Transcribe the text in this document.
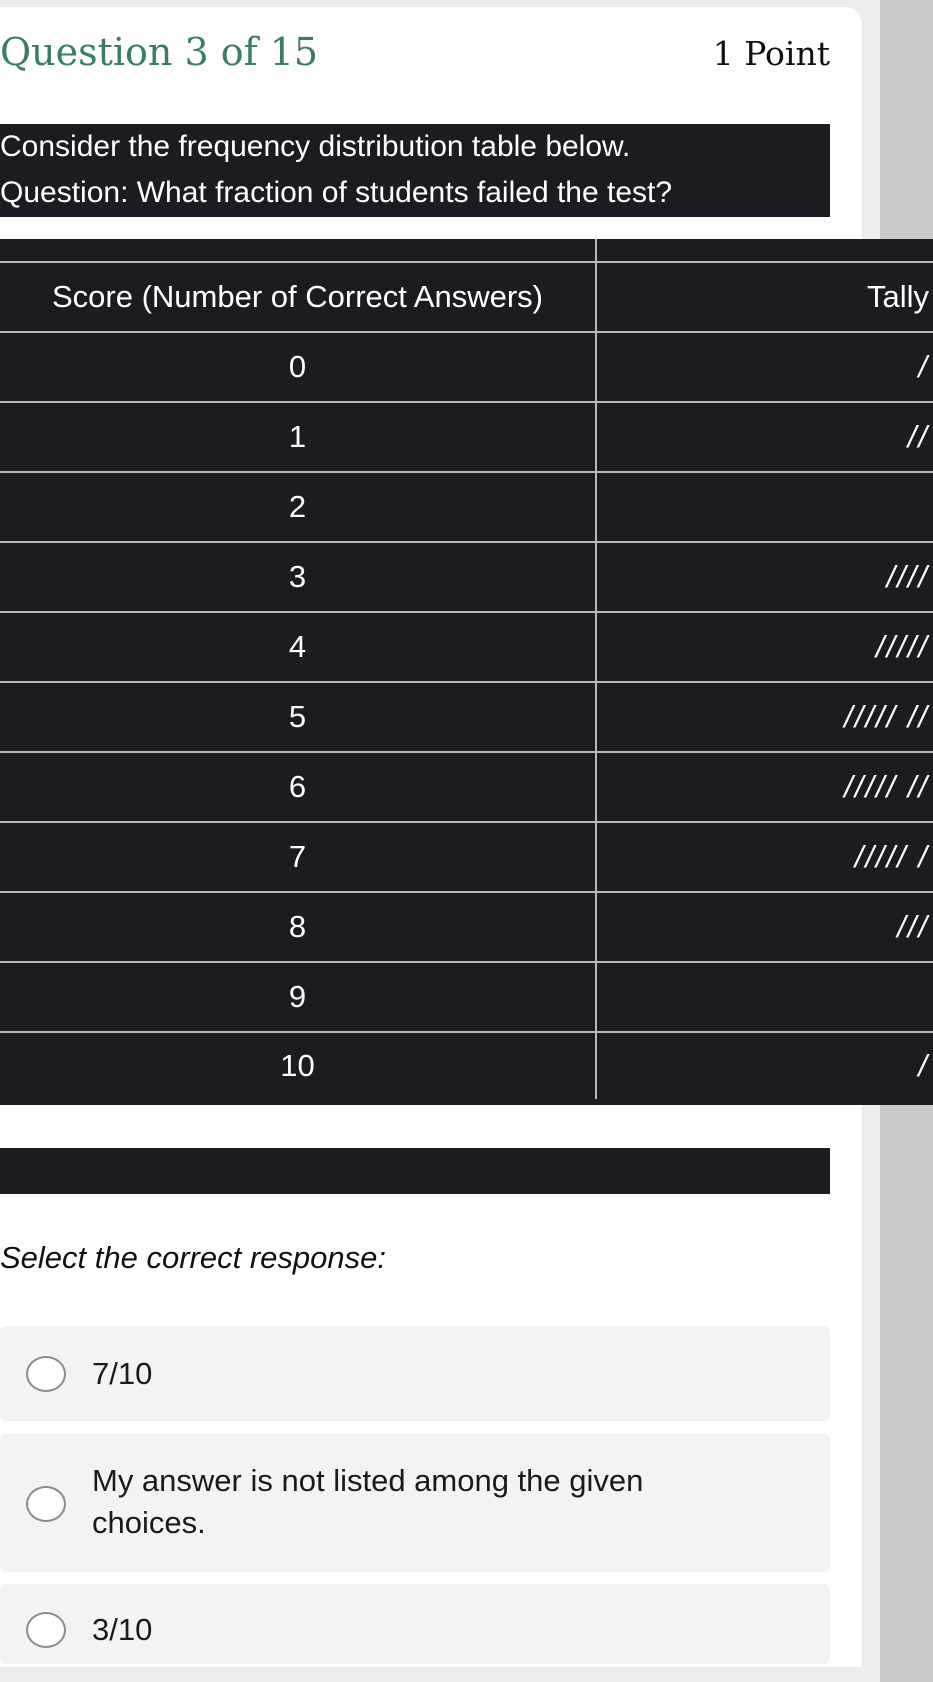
Question 3 of 15	1 Point
Consider the frequency distribution table below.
Question: What fraction of students failed the test?

Score (Number of Correct Answers)	Tally
0	/
1	//
2	
3	////
4	/////
5	///// //
6	///// //
7	///// /
8	///
9	
10	/
Select the correct response:
7/10
My answer is not listed among the given choices.
3/10
